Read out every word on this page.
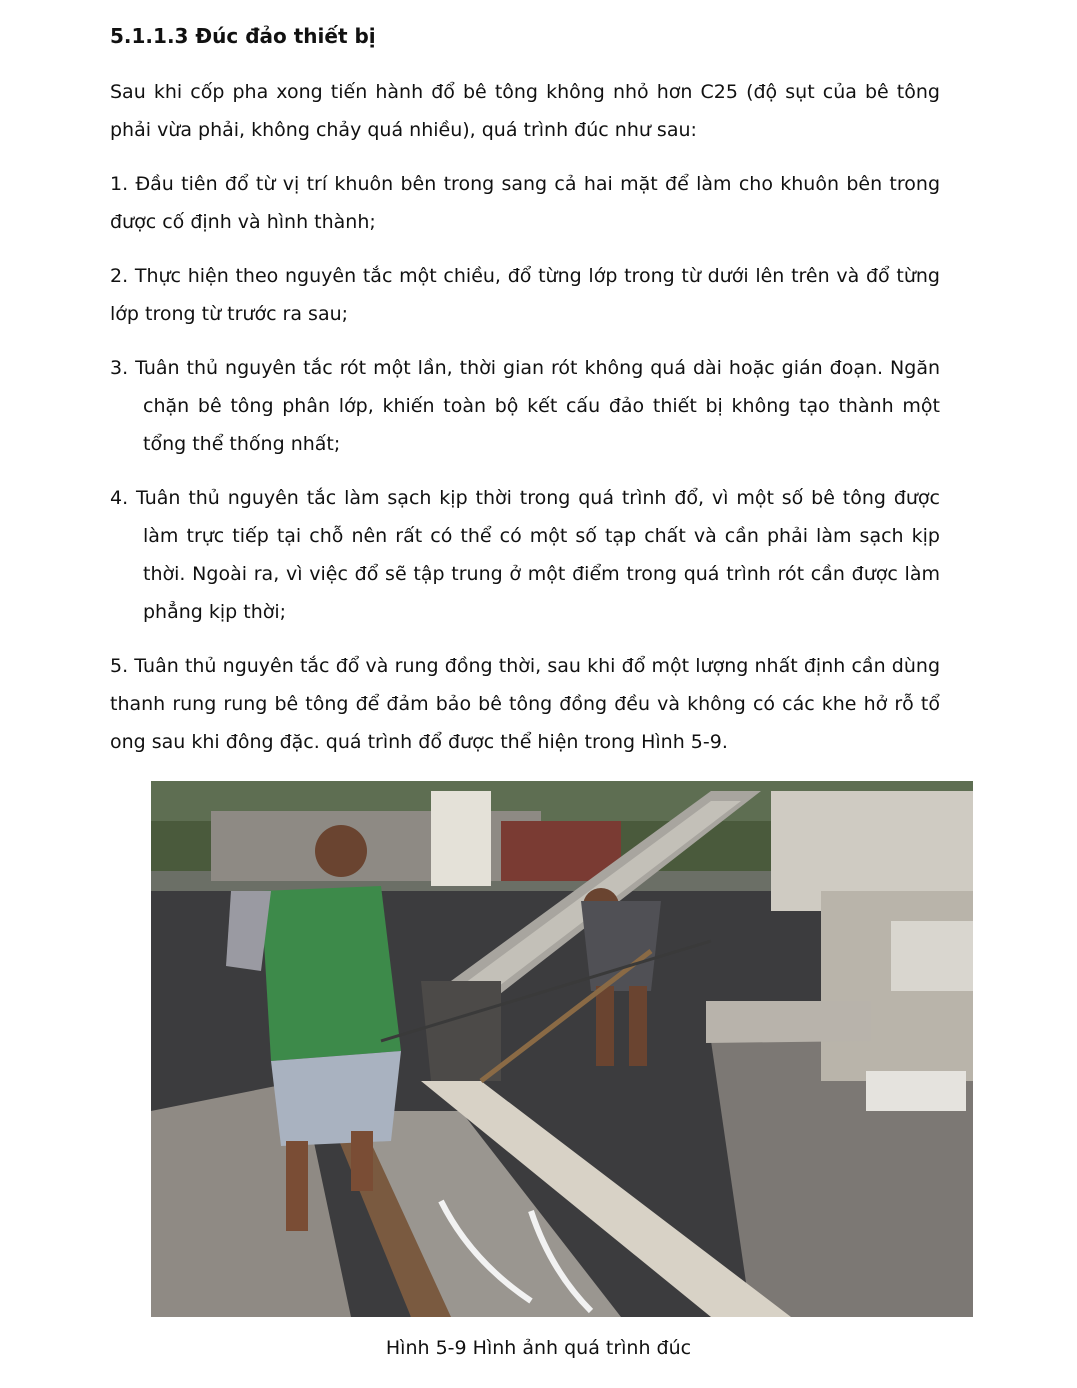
5.1.1.3 Đúc đảo thiết bị

Sau khi cốp pha xong tiến hành đổ bê tông không nhỏ hơn C25 (độ sụt của bê tông phải vừa phải, không chảy quá nhiều), quá trình đúc như sau:

1. Đầu tiên đổ từ vị trí khuôn bên trong sang cả hai mặt để làm cho khuôn bên trong được cố định và hình thành;

2. Thực hiện theo nguyên tắc một chiều, đổ từng lớp trong từ dưới lên trên và đổ từng lớp trong từ trước ra sau;

3. Tuân thủ nguyên tắc rót một lần, thời gian rót không quá dài hoặc gián đoạn. Ngăn chặn bê tông phân lớp, khiến toàn bộ kết cấu đảo thiết bị không tạo thành một tổng thể thống nhất;

4. Tuân thủ nguyên tắc làm sạch kịp thời trong quá trình đổ, vì một số bê tông được làm trực tiếp tại chỗ nên rất có thể có một số tạp chất và cần phải làm sạch kịp thời. Ngoài ra, vì việc đổ sẽ tập trung ở một điểm trong quá trình rót cần được làm phẳng kịp thời;

5. Tuân thủ nguyên tắc đổ và rung đồng thời, sau khi đổ một lượng nhất định cần dùng thanh rung rung bê tông để đảm bảo bê tông đồng đều và không có các khe hở rỗ tổ ong sau khi đông đặc. quá trình đổ được thể hiện trong Hình 5-9.

Hình 5-9 Hình ảnh quá trình đúc
